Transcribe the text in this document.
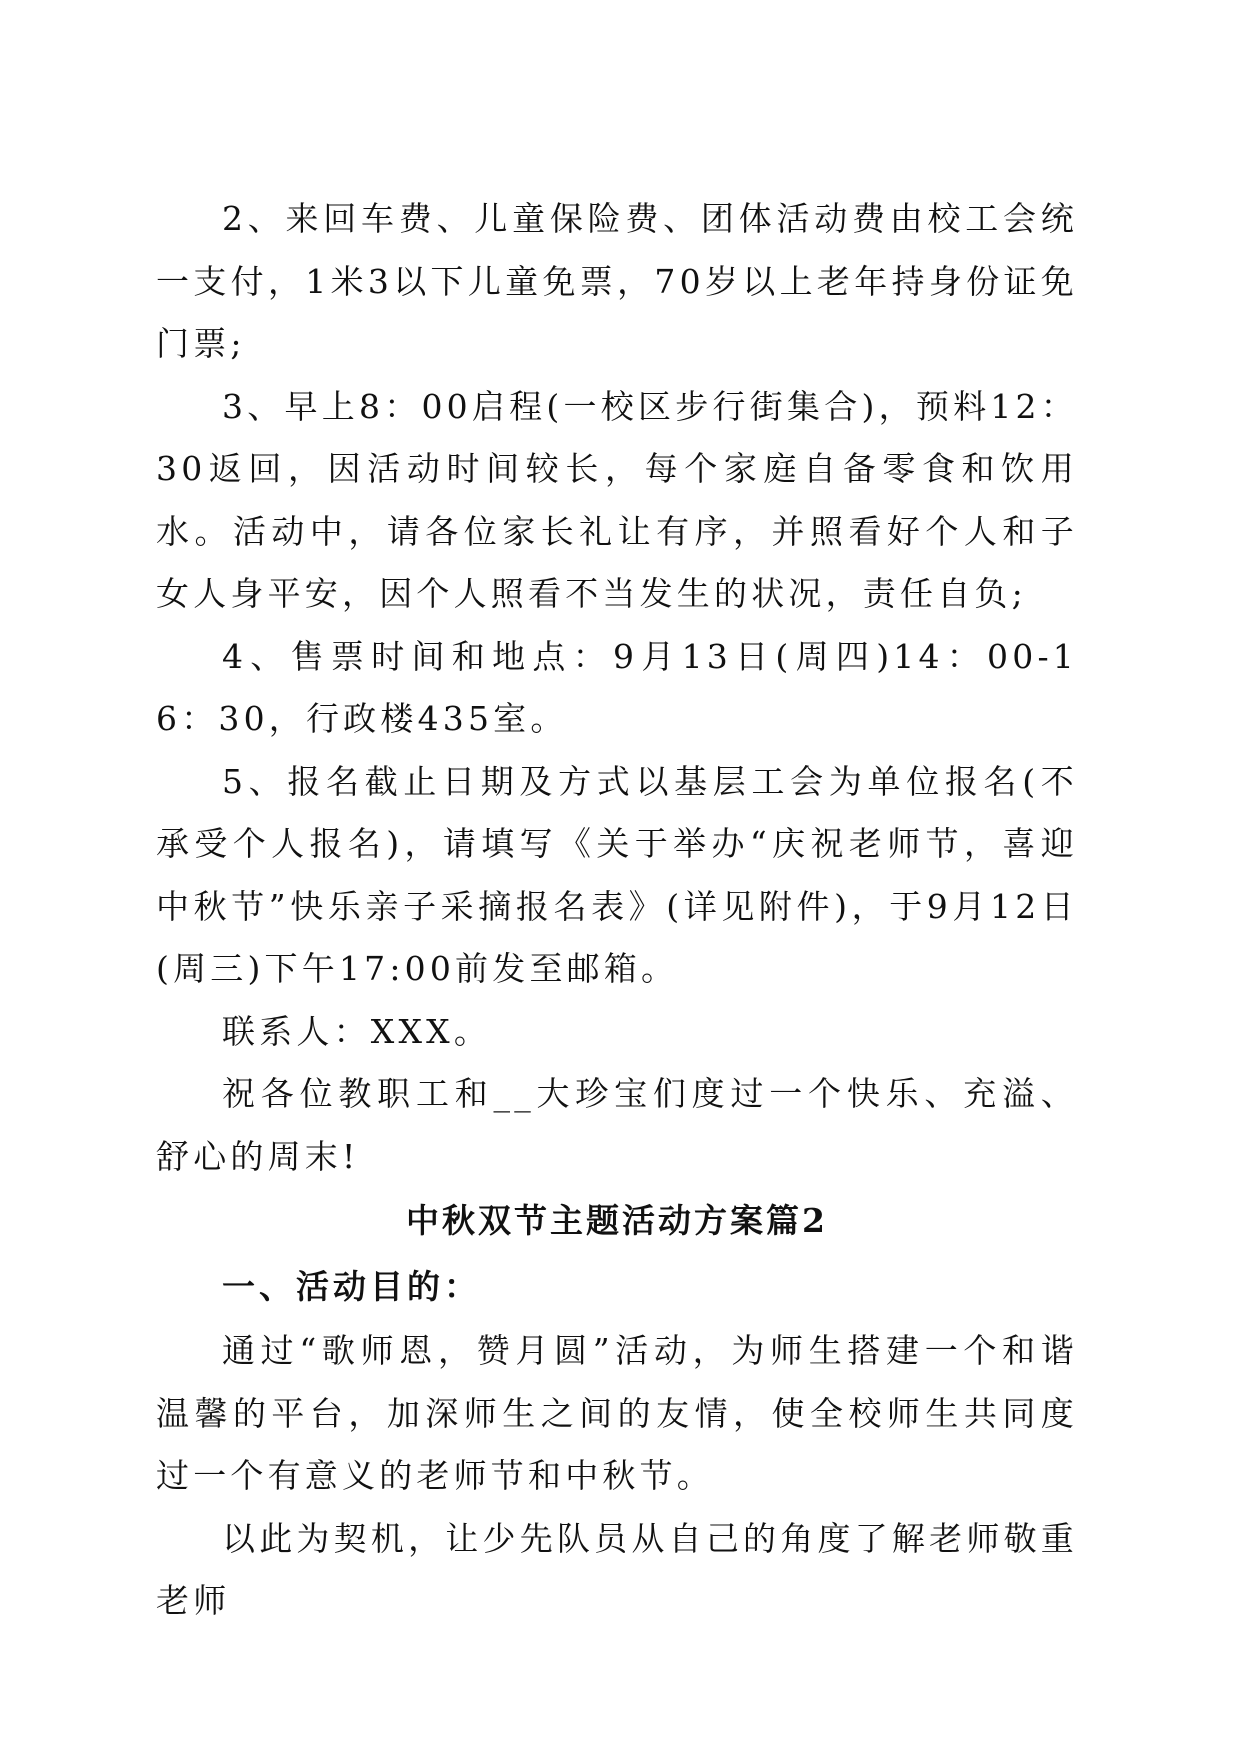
2、来回车费、儿童保险费、团体活动费由校工会统一支付，1米3以下儿童免票，70岁以上老年持身份证免门票;

3、早上8：00启程(一校区步行街集合)，预料12：30返回，因活动时间较长，每个家庭自备零食和饮用水。活动中，请各位家长礼让有序，并照看好个人和子女人身平安，因个人照看不当发生的状况，责任自负;

4、售票时间和地点：9月13日(周四)14：00-16：30，行政楼435室。

5、报名截止日期及方式以基层工会为单位报名(不承受个人报名)，请填写《关于举办“庆祝老师节，喜迎中秋节”快乐亲子采摘报名表》(详见附件)，于9月12日(周三)下午17:00前发至邮箱。

联系人：XXX。

祝各位教职工和__大珍宝们度过一个快乐、充溢、舒心的周末!

中秋双节主题活动方案篇2
一、活动目的：

通过“歌师恩，赞月圆”活动，为师生搭建一个和谐温馨的平台，加深师生之间的友情，使全校师生共同度过一个有意义的老师节和中秋节。

以此为契机，让少先队员从自己的角度了解老师敬重老师
